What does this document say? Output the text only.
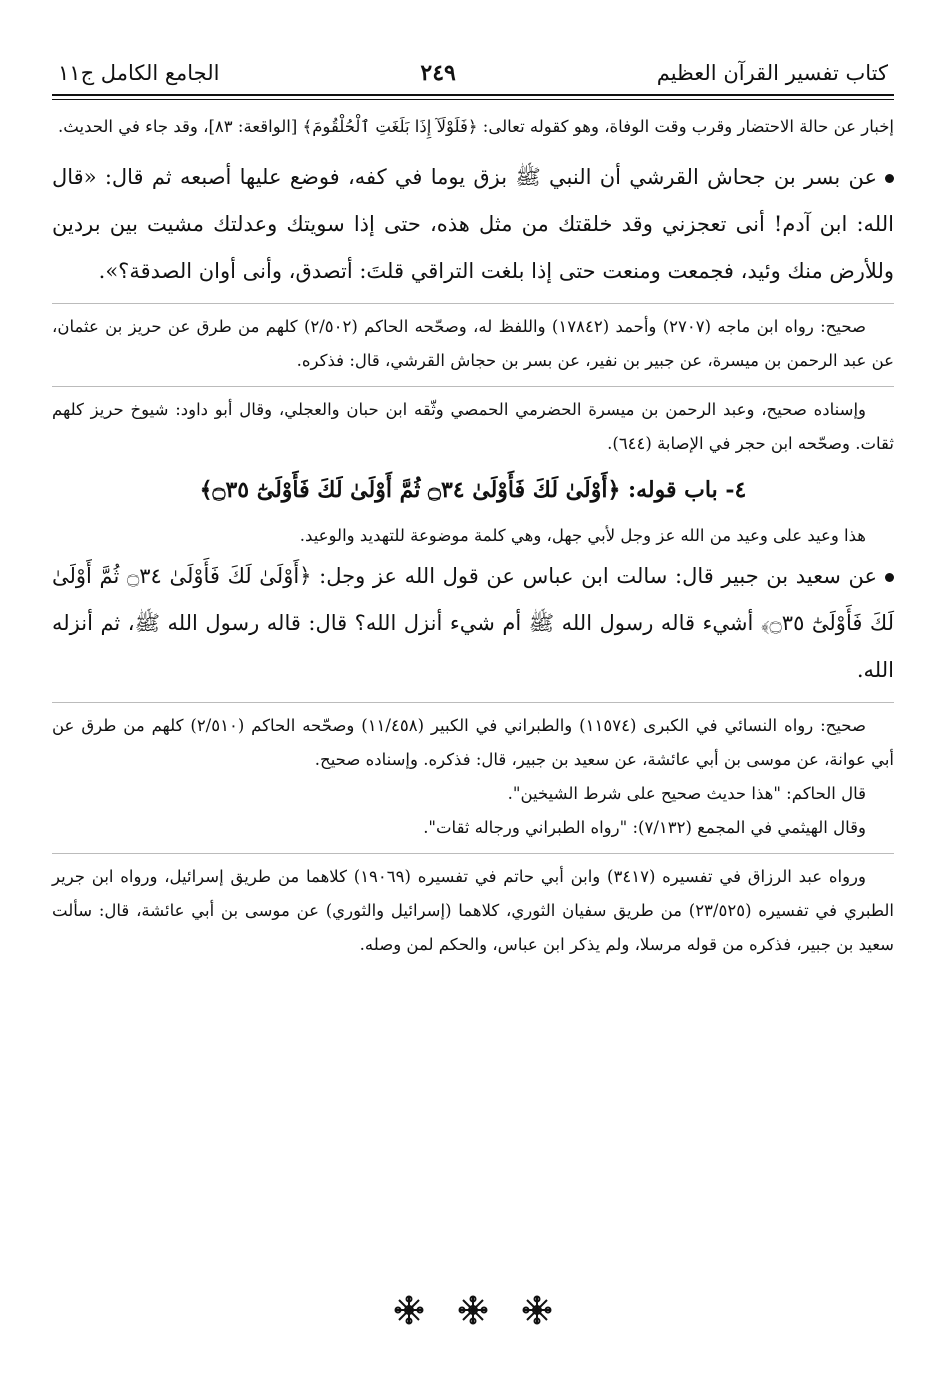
كتاب تفسير القرآن العظيم
٢٤٩
الجامع الكامل ج١١

إخبار عن حالة الاحتضار وقرب وقت الوفاة، وهو كقوله تعالى: ﴿فَلَوْلَآ إِذَا بَلَغَتِ ٱلْحُلْقُومَ﴾ [الواقعة: ٨٣]، وقد جاء في الحديث.

عن بسر بن جحاش القرشي أن النبي ﷺ بزق يوما في كفه، فوضع عليها أصبعه ثم قال: «قال الله: ابن آدم! أنى تعجزني وقد خلقتك من مثل هذه، حتى إذا سويتك وعدلتك مشيت بين بردين وللأرض منك وئيد، فجمعت ومنعت حتى إذا بلغت التراقي قلتَ: أتصدق، وأنى أوان الصدقة؟».

صحيح: رواه ابن ماجه (٢٧٠٧) وأحمد (١٧٨٤٢) واللفظ له، وصحّحه الحاكم (٢/٥٠٢) كلهم من طرق عن حريز بن عثمان، عن عبد الرحمن بن ميسرة، عن جبير بن نفير، عن بسر بن حجاش القرشي، قال: فذكره.

وإسناده صحيح، وعبد الرحمن بن ميسرة الحضرمي الحمصي وثّقه ابن حبان والعجلي، وقال أبو داود: شيوخ حريز كلهم ثقات. وصحّحه ابن حجر في الإصابة (٦٤٤).

٤- باب قوله: ﴿أَوْلَىٰ لَكَ فَأَوْلَىٰ ۝٣٤ ثُمَّ أَوْلَىٰ لَكَ فَأَوْلَىٰٓ ۝٣٥﴾

هذا وعيد على وعيد من الله عز وجل لأبي جهل، وهي كلمة موضوعة للتهديد والوعيد.

عن سعيد بن جبير قال: سالت ابن عباس عن قول الله عز وجل: ﴿أَوْلَىٰ لَكَ فَأَوْلَىٰ ۝٣٤ ثُمَّ أَوْلَىٰ لَكَ فَأَوْلَىٰٓ ۝٣٥﴾ أشيء قاله رسول الله ﷺ أم شيء أنزل الله؟ قال: قاله رسول الله ﷺ، ثم أنزله الله.

صحيح: رواه النسائي في الكبرى (١١٥٧٤) والطبراني في الكبير (١١/٤٥٨) وصحّحه الحاكم (٢/٥١٠) كلهم من طرق عن أبي عوانة، عن موسى بن أبي عائشة، عن سعيد بن جبير، قال: فذكره. وإسناده صحيح.

قال الحاكم: "هذا حديث صحيح على شرط الشيخين".

وقال الهيثمي في المجمع (٧/١٣٢): "رواه الطبراني ورجاله ثقات".

ورواه عبد الرزاق في تفسيره (٣٤١٧) وابن أبي حاتم في تفسيره (١٩٠٦٩) كلاهما من طريق إسرائيل، ورواه ابن جرير الطبري في تفسيره (٢٣/٥٢٥) من طريق سفيان الثوري، كلاهما (إسرائيل والثوري) عن موسى بن أبي عائشة، قال: سألت سعيد بن جبير، فذكره من قوله مرسلا، ولم يذكر ابن عباس، والحكم لمن وصله.
